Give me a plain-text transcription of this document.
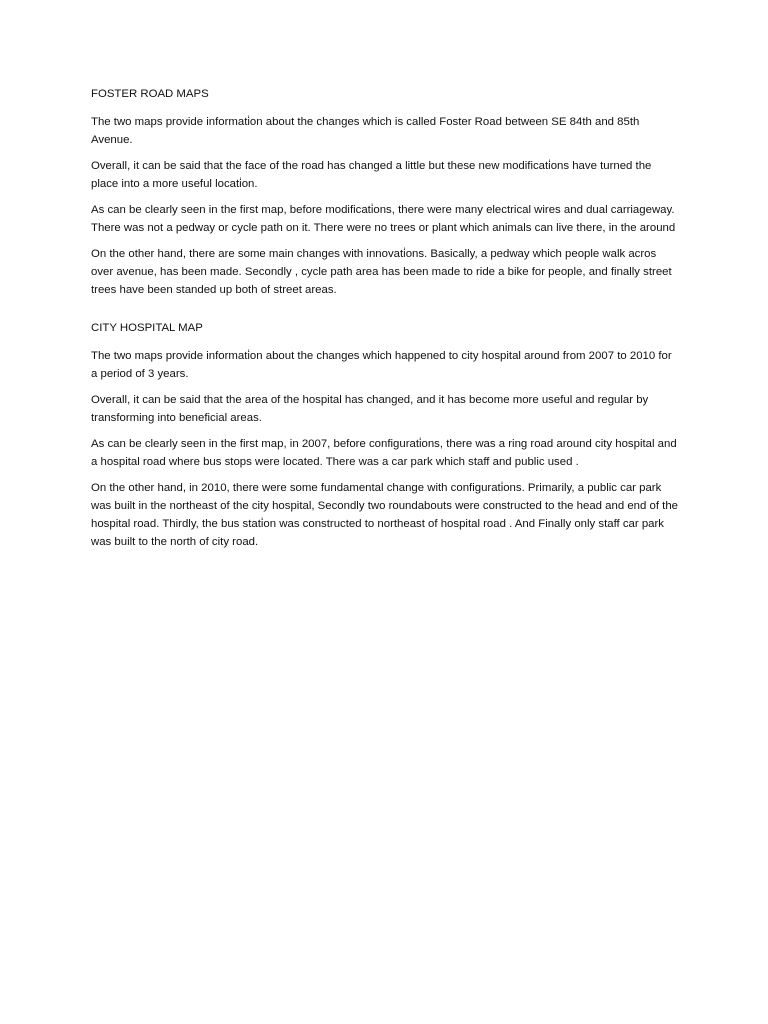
FOSTER ROAD MAPS

The two maps provide informati̇on about the changes which is called Foster Road between SE 84th and 85th Avenue.

Overall, it can be said that the face of the road has changed a little but these new modificati̇ons have turned the place into a more useful locati̇on.

As can be clearly seen in the first map, before modificati̇ons, there were many electrical wires and dual carriageway. There was not a pedway or cycle path on it. There were no trees or plant which animals can live there, in the around

On the other hand, there are some main changes with innovati̇ons. Basically, a pedway which people walk acros over avenue, has been made. Secondly , cycle path area has been made to ride a bike for people, and finally street trees have been standed up both of street areas.

CITY HOSPITAL MAP

The two maps provide informati̇on about the changes which happened to city hospital around from 2007 to 2010 for a period of 3 years.

Overall, it can be said that the area of the hospital has changed, and it has become more useful and regular by transforming into beneficial areas.

As can be clearly seen in the first map, in 2007, before configurati̇ons, there was a ring road around city hospital and a hospital road where bus stops were located. There was a car park which staff and public used .

On the other hand, in 2010, there were some fundamental change with configurati̇ons. Primarily, a public car park was built in the northeast of the city hospital, Secondly two roundabouts were constructed to the head and end of the hospital road. Thirdly, the bus stati̇on was constructed to northeast of hospital road . And Finally only staff car park was built to the north of city road.
